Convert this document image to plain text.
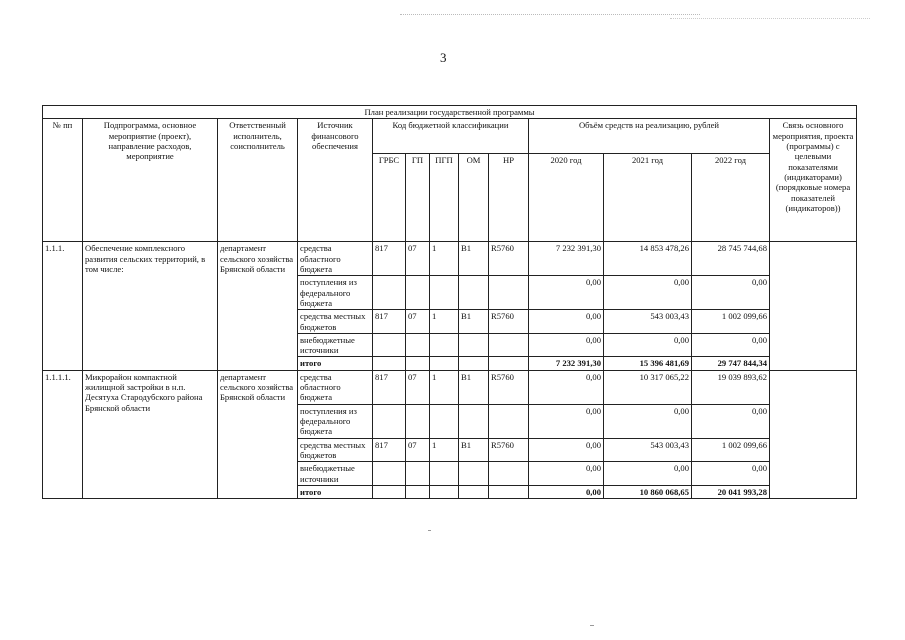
3
План реализации государственной программы												
№ пп	Подпрограмма, основное мероприятие (проект), направление расходов, мероприятие	Ответственный исполнитель, соисполнитель	Источник финансового обеспечения	Код бюджетной классификации					Объём средств на реализацию, рублей			Связь основного мероприятия, проекта (программы) с целевыми показателями (индикаторами) (порядковые номера показателей (индикаторов))
				ГРБС	ГП	ПГП	ОМ	НР	2020 год	2021 год	2022 год	
1.1.1.	Обеспечение комплексного развития сельских территорий, в том числе:	департамент сельского хозяйства Брянской области	средства областного бюджета	817	07	1	В1	R5760	7 232 391,30	14 853 478,26	28 745 744,68	
			поступления из федерального бюджета						0,00	0,00	0,00	
			средства местных бюджетов	817	07	1	В1	R5760	0,00	543 003,43	1 002 099,66	
			внебюджетные источники						0,00	0,00	0,00	
			итого						7 232 391,30	15 396 481,69	29 747 844,34	
1.1.1.1.	Микрорайон компактной жилищной застройки в н.п. Десятуха Стародубского района Брянской области	департамент сельского хозяйства Брянской области	средства областного бюджета	817	07	1	В1	R5760	0,00	10 317 065,22	19 039 893,62	
			поступления из федерального бюджета						0,00	0,00	0,00	
			средства местных бюджетов	817	07	1	В1	R5760	0,00	543 003,43	1 002 099,66	
			внебюджетные источники						0,00	0,00	0,00	
			итого						0,00	10 860 068,65	20 041 993,28	
